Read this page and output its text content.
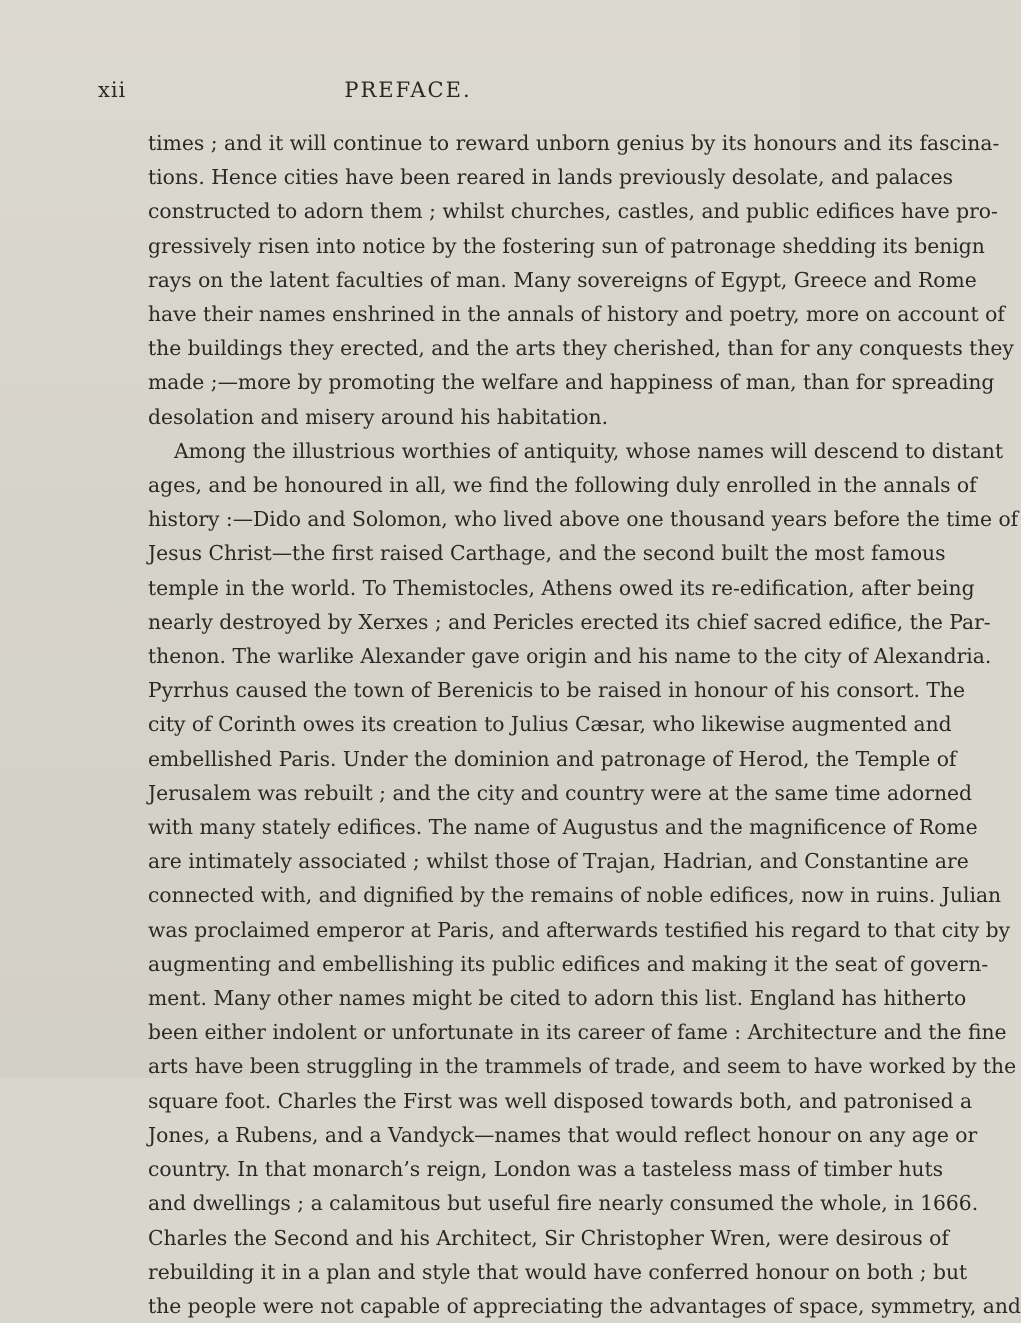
xii	PREFACE.
times ; and it will continue to reward unborn genius by its honours and its fascina-
tions. Hence cities have been reared in lands previously desolate, and palaces
constructed to adorn them ; whilst churches, castles, and public edifices have pro-
gressively risen into notice by the fostering sun of patronage shedding its benign
rays on the latent faculties of man. Many sovereigns of Egypt, Greece and Rome
have their names enshrined in the annals of history and poetry, more on account of
the buildings they erected, and the arts they cherished, than for any conquests they
made ;—more by promoting the welfare and happiness of man, than for spreading
desolation and misery around his habitation.
Among the illustrious worthies of antiquity, whose names will descend to distant
ages, and be honoured in all, we find the following duly enrolled in the annals of
history :—Dido and Solomon, who lived above one thousand years before the time of
Jesus Christ—the first raised Carthage, and the second built the most famous
temple in the world. To Themistocles, Athens owed its re-edification, after being
nearly destroyed by Xerxes ; and Pericles erected its chief sacred edifice, the Par-
thenon. The warlike Alexander gave origin and his name to the city of Alexandria.
Pyrrhus caused the town of Berenicis to be raised in honour of his consort. The
city of Corinth owes its creation to Julius Cæsar, who likewise augmented and
embellished Paris. Under the dominion and patronage of Herod, the Temple of
Jerusalem was rebuilt ; and the city and country were at the same time adorned
with many stately edifices. The name of Augustus and the magnificence of Rome
are intimately associated ; whilst those of Trajan, Hadrian, and Constantine are
connected with, and dignified by the remains of noble edifices, now in ruins. Julian
was proclaimed emperor at Paris, and afterwards testified his regard to that city by
augmenting and embellishing its public edifices and making it the seat of govern-
ment. Many other names might be cited to adorn this list. England has hitherto
been either indolent or unfortunate in its career of fame : Architecture and the fine
arts have been struggling in the trammels of trade, and seem to have worked by the
square foot. Charles the First was well disposed towards both, and patronised a
Jones, a Rubens, and a Vandyck—names that would reflect honour on any age or
country. In that monarch’s reign, London was a tasteless mass of timber huts
and dwellings ; a calamitous but useful fire nearly consumed the whole, in 1666.
Charles the Second and his Architect, Sir Christopher Wren, were desirous of
rebuilding it in a plan and style that would have conferred honour on both ; but
the people were not capable of appreciating the advantages of space, symmetry, and
